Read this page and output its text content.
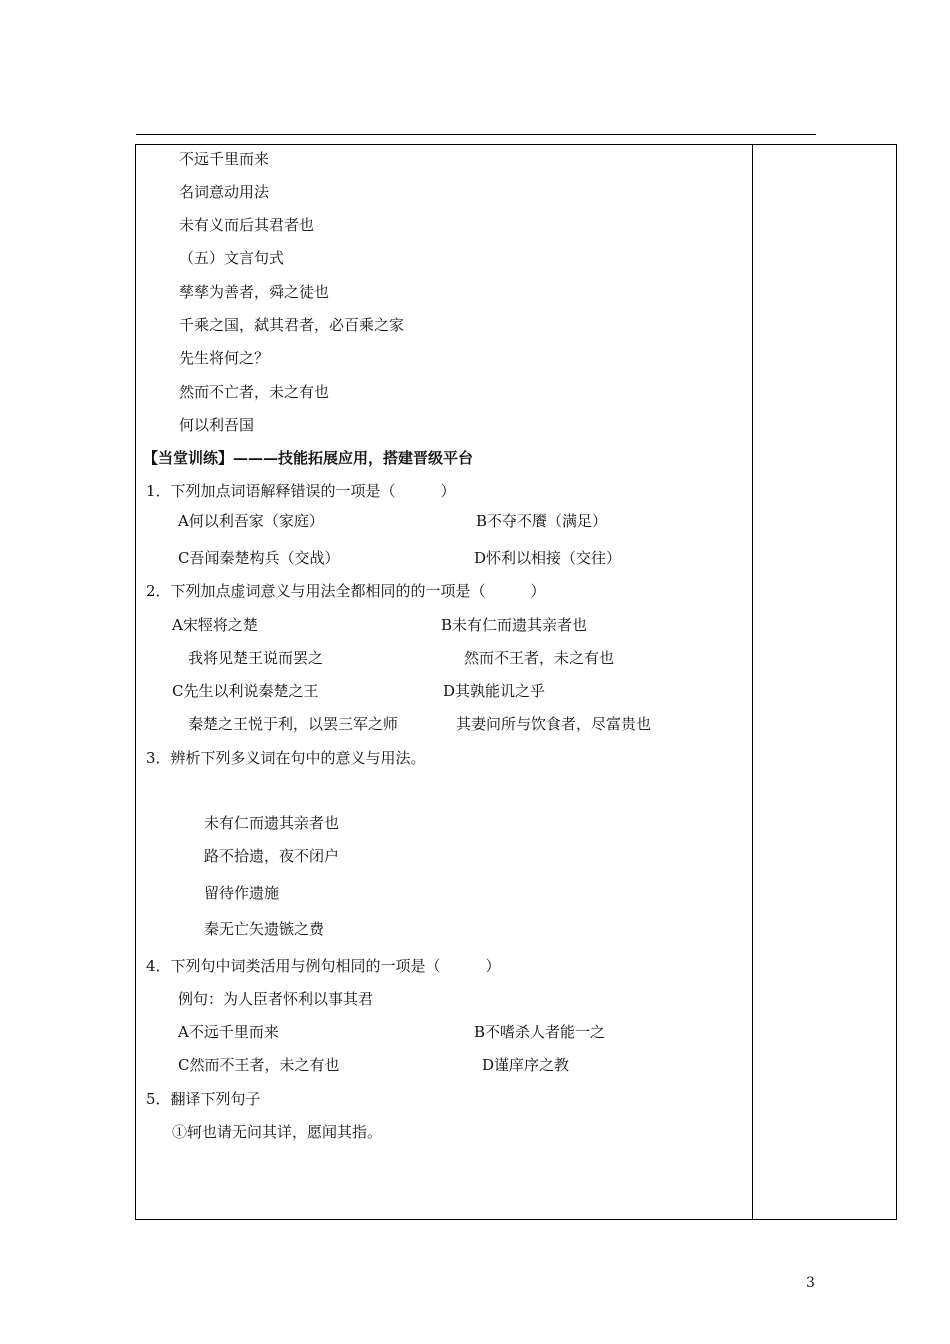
不远千里而来
名词意动用法
未有义而后其君者也
（五）文言句式
孳孳为善者，舜之徒也
千乘之国，弑其君者，必百乘之家
先生将何之？
然而不亡者，未之有也
何以利吾国
【当堂训练】———技能拓展应用，搭建晋级平台
1．下列加点词语解释错误的一项是（　　　）
A何以利吾家（家庭）	B不夺不餍（满足）
C吾闻秦楚构兵（交战）	D怀利以相接（交往）
2．下列加点虚词意义与用法全都相同的的一项是（　　　）
A宋牼将之楚	B未有仁而遗其亲者也
我将见楚王说而罢之	然而不王者，未之有也
C先生以利说秦楚之王	D其孰能讥之乎
秦楚之王悦于利，以罢三军之师	其妻问所与饮食者，尽富贵也
3．辨析下列多义词在句中的意义与用法。
未有仁而遗其亲者也
路不拾遗，夜不闭户
留待作遗施
秦无亡矢遗镞之费
4．下列句中词类活用与例句相同的一项是（　　　）
例句：为人臣者怀利以事其君
A不远千里而来	B不嗜杀人者能一之
C然而不王者，未之有也	D谨庠序之教
5．翻译下列句子
①轲也请无问其详，愿闻其指。
3
